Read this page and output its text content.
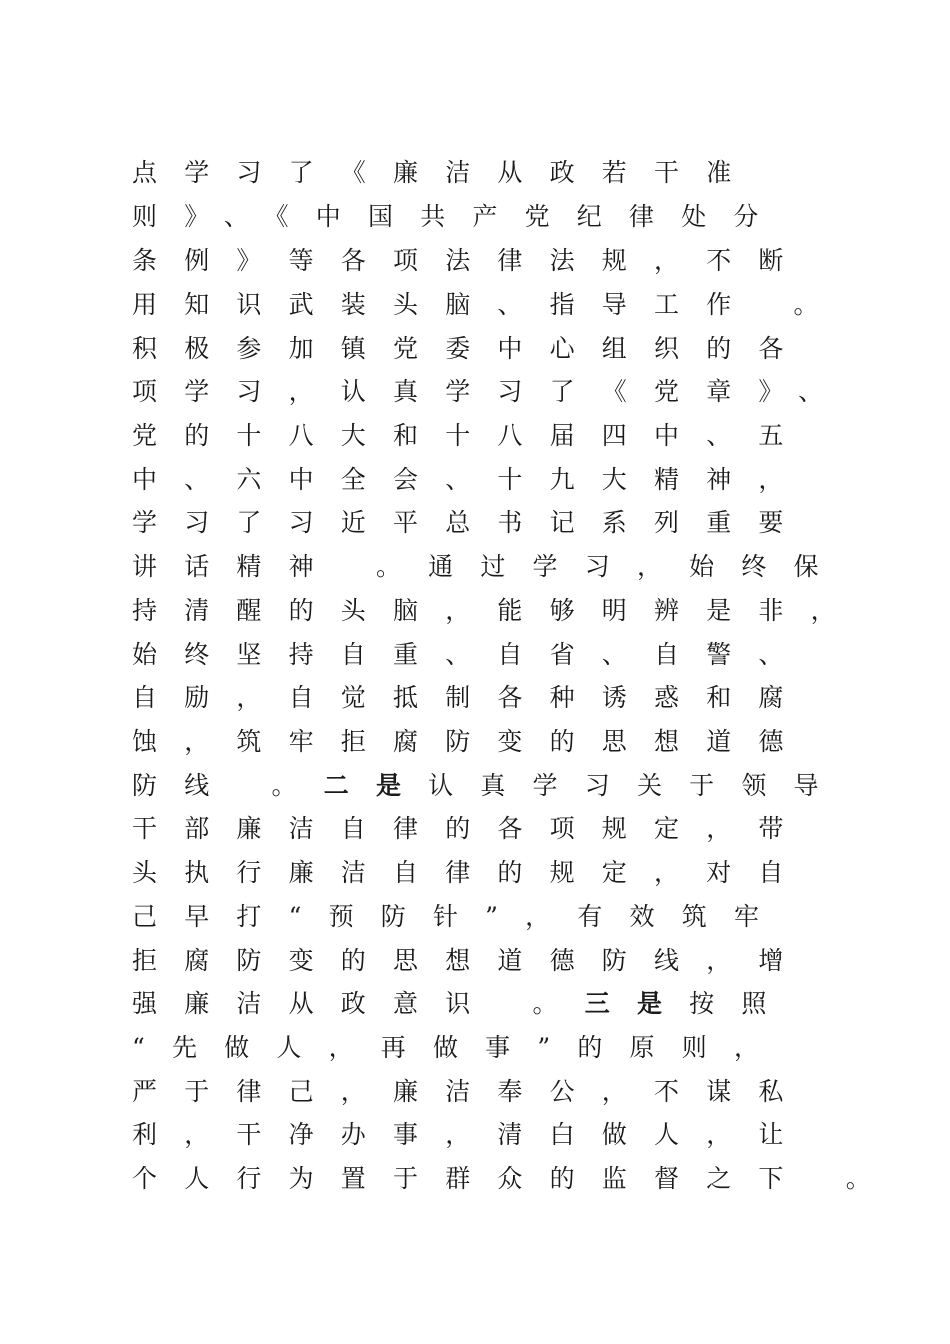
点学习了《廉洁从政若干准
则》、《中国共产党纪律处分
条例》等各项法律法规，不断
用知识武装头脑、指导工作 。
积极参加镇党委中心组织的各
项学习，认真学习了《党章》、
党的十八大和十八届四中、五
中、六中全会、十九大精神，
学习了习近平总书记系列重要
讲话精神 。通过学习，始终保
持清醒的头脑，能够明辨是非，
始终坚持自重、自省、自警、
自励，自觉抵制各种诱惑和腐
蚀，筑牢拒腐防变的思想道德
防线 。二是认真学习关于领导
干部廉洁自律的各项规定，带
头执行廉洁自律的规定，对自
己早打“预防针”，有效筑牢
拒腐防变的思想道德防线，增
强廉洁从政意识 。三是按照
“先做人，再做事”的原则，
严于律己，廉洁奉公，不谋私
利，干净办事，清白做人，让
个人行为置于群众的监督之下 。
